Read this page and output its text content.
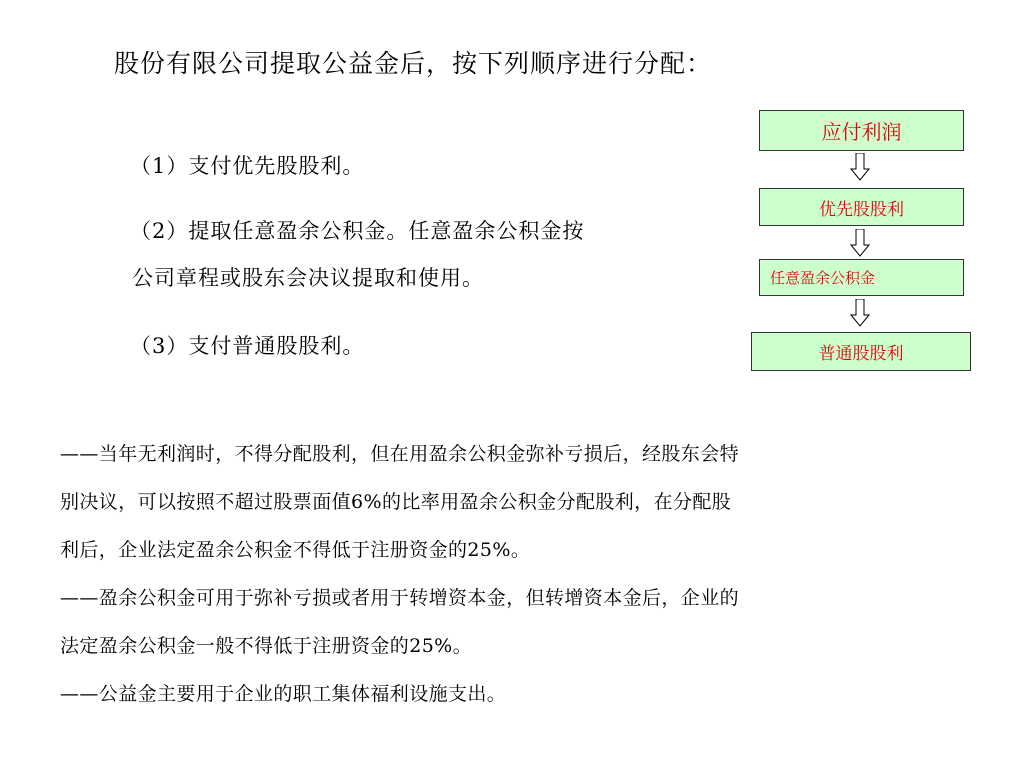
股份有限公司提取公益金后，按下列顺序进行分配：
（1）支付优先股股利。
（2）提取任意盈余公积金。任意盈余公积金按
公司章程或股东会决议提取和使用。
（3）支付普通股股利。
应付利润
优先股股利
任意盈余公积金
普通股股利
——当年无利润时，不得分配股利，但在用盈余公积金弥补亏损后，经股东会特
别决议，可以按照不超过股票面值6%的比率用盈余公积金分配股利，在分配股
利后，企业法定盈余公积金不得低于注册资金的25%。
——盈余公积金可用于弥补亏损或者用于转增资本金，但转增资本金后，企业的
法定盈余公积金一般不得低于注册资金的25%。
——公益金主要用于企业的职工集体福利设施支出。
